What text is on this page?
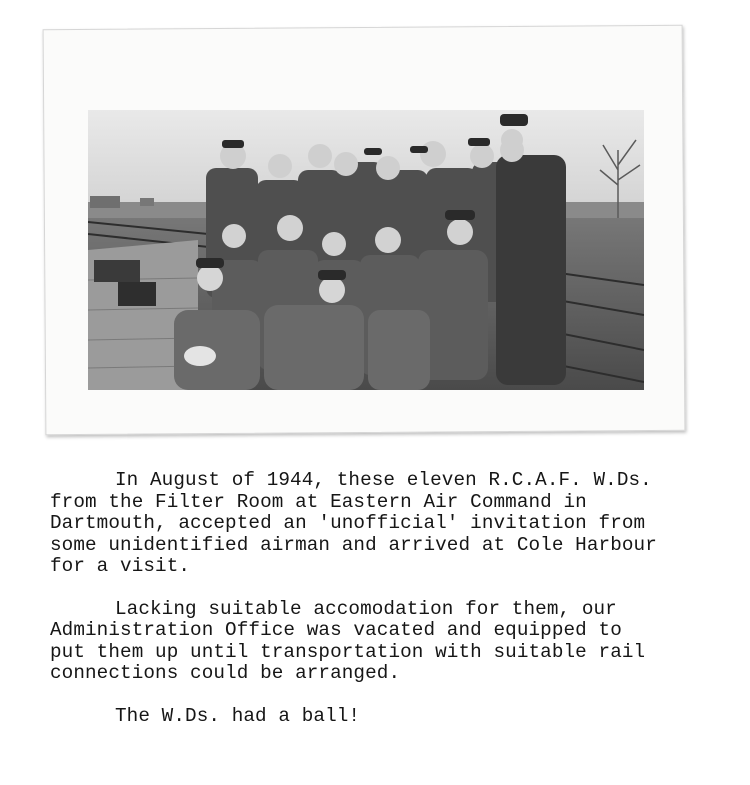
In August of 1944, these eleven R.C.A.F. W.Ds.
from the Filter Room at Eastern Air Command in
Dartmouth, accepted an 'unofficial' invitation from
some unidentified airman and arrived at Cole Harbour
for a visit.
Lacking suitable accomodation for them, our
Administration Office was vacated and equipped to
put them up until transportation with suitable rail
connections could be arranged.
The W.Ds. had a ball!
